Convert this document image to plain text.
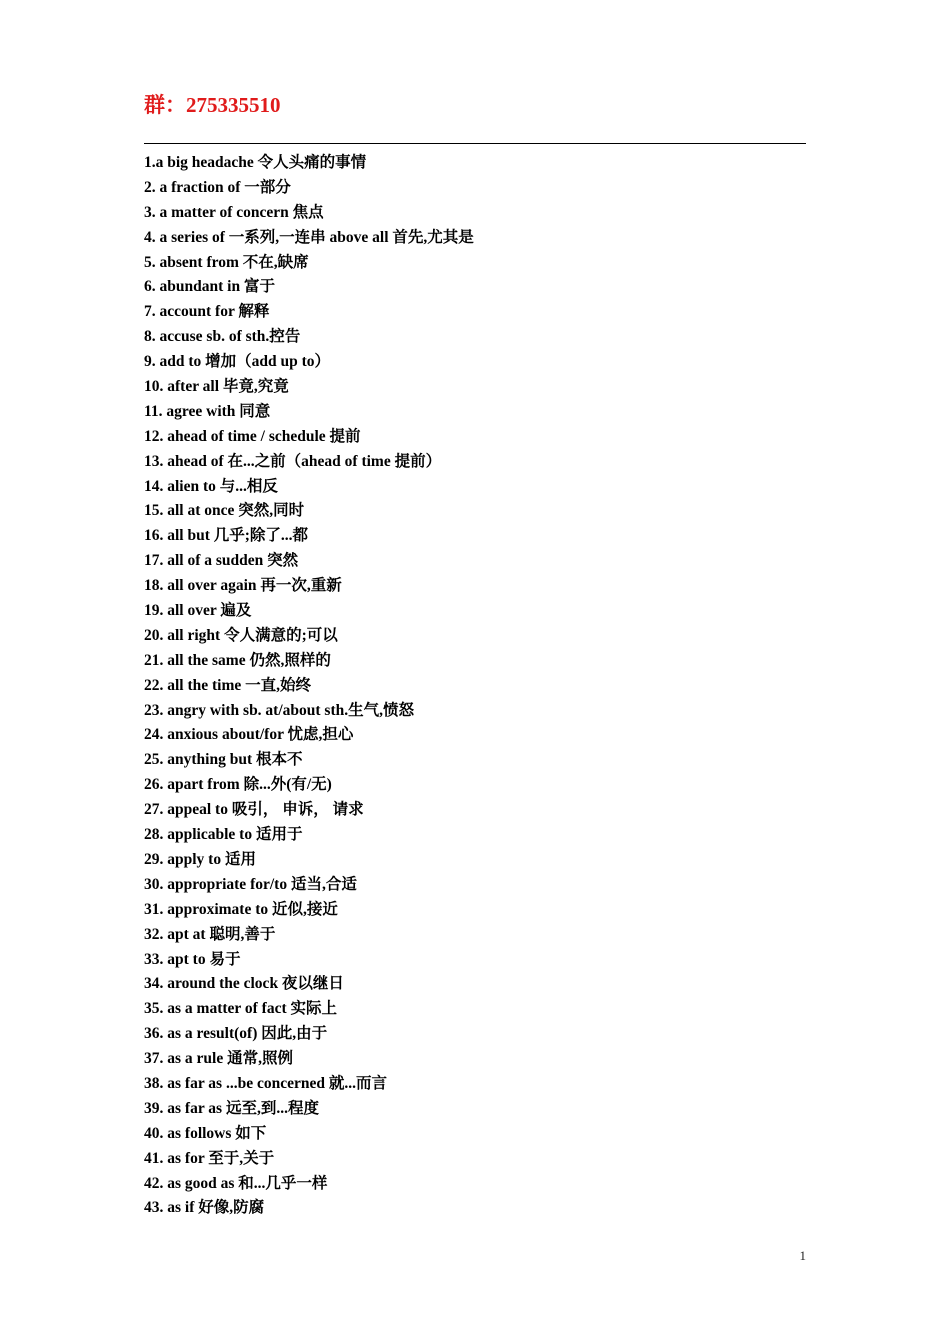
群：275335510
1.a big headache 令人头痛的事情
2. a fraction of 一部分
3. a matter of concern 焦点
4. a series of 一系列,一连串 above all 首先,尤其是
5. absent from 不在,缺席
6. abundant in 富于
7. account for 解释
8. accuse sb. of sth.控告
9. add to 增加（add up to）
10. after all 毕竟,究竟
11. agree with 同意
12. ahead of time / schedule 提前
13. ahead of 在...之前（ahead of time 提前）
14. alien to 与...相反
15. all at once 突然,同时
16. all but 几乎;除了...都
17. all of a sudden 突然
18. all over again 再一次,重新
19. all over 遍及
20. all right 令人满意的;可以
21. all the same 仍然,照样的
22. all the time 一直,始终
23. angry with sb. at/about sth.生气,愤怒
24. anxious about/for 忧虑,担心
25. anything but 根本不
26. apart from 除...外(有/无)
27. appeal to 吸引， 申诉， 请求
28. applicable to 适用于
29. apply to 适用
30. appropriate for/to 适当,合适
31. approximate to 近似,接近
32. apt at 聪明,善于
33. apt to 易于
34. around the clock 夜以继日
35. as a matter of fact 实际上
36. as a result(of) 因此,由于
37. as a rule 通常,照例
38. as far as ...be concerned 就...而言
39. as far as 远至,到...程度
40. as follows 如下
41. as for 至于,关于
42. as good as 和...几乎一样
43. as if 好像,防腐
1
